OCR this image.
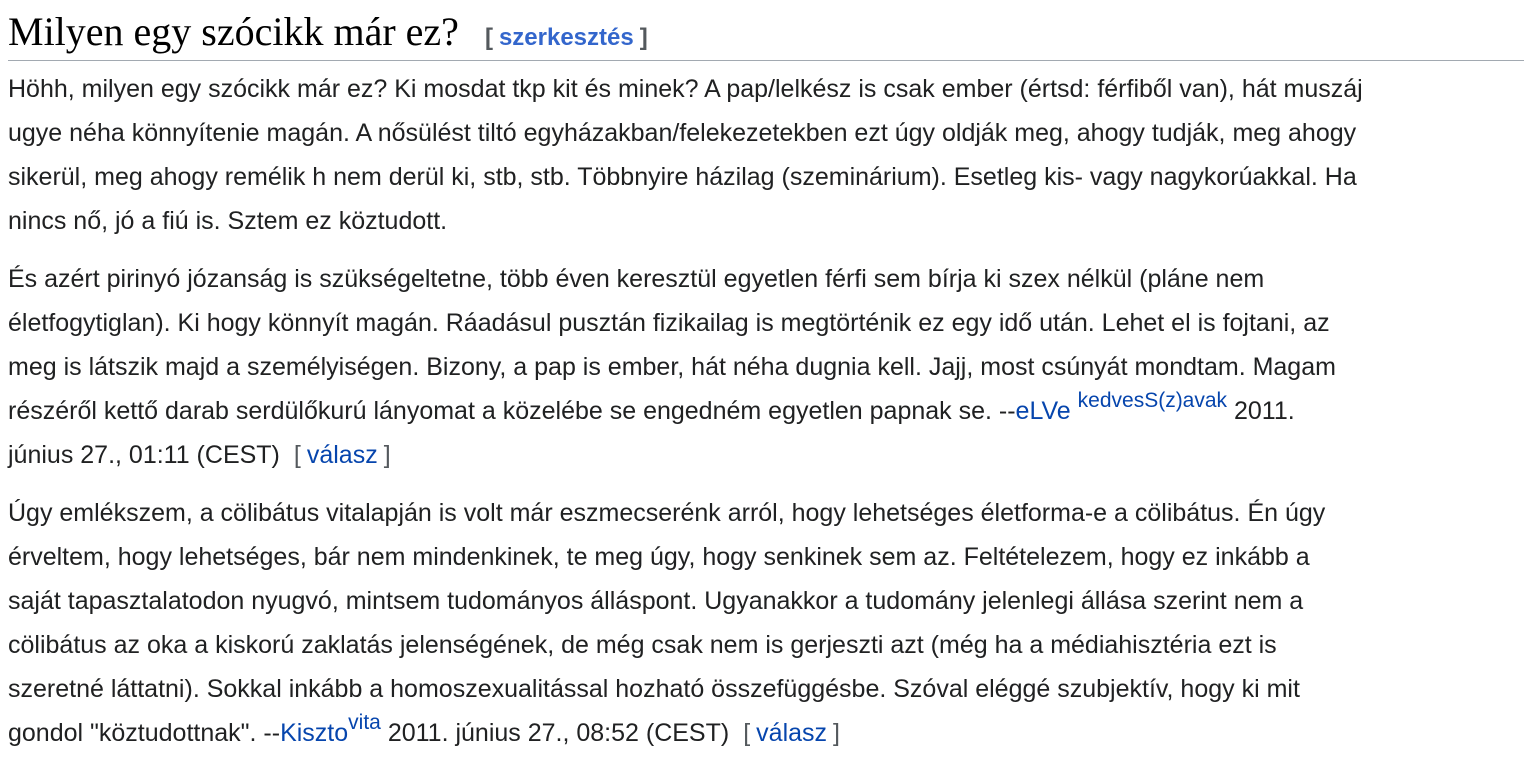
Milyen egy szócikk már ez? [ szerkesztés ]

Höhh, milyen egy szócikk már ez? Ki mosdat tkp kit és minek? A pap/lelkész is csak ember (értsd: férfiből van), hát muszáj
ugye néha könnyítenie magán. A nősülést tiltó egyházakban/felekezetekben ezt úgy oldják meg, ahogy tudják, meg ahogy
sikerül, meg ahogy remélik h nem derül ki, stb, stb. Többnyire házilag (szeminárium). Esetleg kis- vagy nagykorúakkal. Ha
nincs nő, jó a fiú is. Sztem ez köztudott.

És azért pirinyó józanság is szükségeltetne, több éven keresztül egyetlen férfi sem bírja ki szex nélkül (pláne nem
életfogytiglan). Ki hogy könnyít magán. Ráadásul pusztán fizikailag is megtörténik ez egy idő után. Lehet el is fojtani, az
meg is látszik majd a személyiségen. Bizony, a pap is ember, hát néha dugnia kell. Jajj, most csúnyát mondtam. Magam
részéről kettő darab serdülőkurú lányomat a közelébe se engedném egyetlen papnak se. --eLVe $^{kedvesS(z)avak}$ 2011.
június 27., 01:11 (CEST) [ válasz ]

Úgy emlékszem, a cölibátus vitalapján is volt már eszmecserénk arról, hogy lehetséges életforma-e a cölibátus. Én úgy
érveltem, hogy lehetséges, bár nem mindenkinek, te meg úgy, hogy senkinek sem az. Feltételezem, hogy ez inkább a
saját tapasztalatodon nyugvó, mintsem tudományos álláspont. Ugyanakkor a tudomány jelenlegi állása szerint nem a
cölibátus az oka a kiskorú zaklatás jelenségének, de még csak nem is gerjeszti azt (még ha a médiahisztéria ezt is
szeretné láttatni). Sokkal inkább a homoszexualitással hozható összefüggésbe. Szóval eléggé szubjektív, hogy ki mit
gondol "köztudottnak". --Kiszto$^{vita}$ 2011. június 27., 08:52 (CEST) [ válasz ]
